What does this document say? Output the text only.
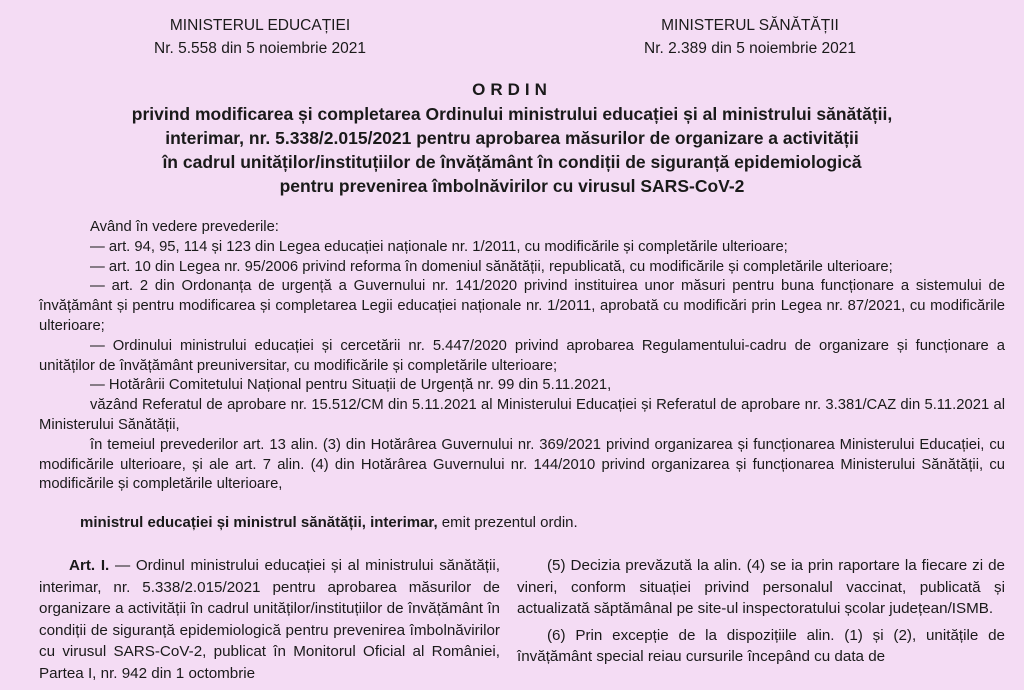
MINISTERUL EDUCAȚIEI
Nr. 5.558 din 5 noiembrie 2021
MINISTERUL SĂNĂTĂȚII
Nr. 2.389 din 5 noiembrie 2021
ORDIN
privind modificarea și completarea Ordinului ministrului educației și al ministrului sănătății,
interimar, nr. 5.338/2.015/2021 pentru aprobarea măsurilor de organizare a activității
în cadrul unităților/instituțiilor de învățământ în condiții de siguranță epidemiologică
pentru prevenirea îmbolnăvirilor cu virusul SARS-CoV-2

Având în vedere prevederile:

— art. 94, 95, 114 și 123 din Legea educației naționale nr. 1/2011, cu modificările și completările ulterioare;

— art. 10 din Legea nr. 95/2006 privind reforma în domeniul sănătății, republicată, cu modificările și completările ulterioare;

— art. 2 din Ordonanța de urgență a Guvernului nr. 141/2020 privind instituirea unor măsuri pentru buna funcționare a sistemului de învățământ și pentru modificarea și completarea Legii educației naționale nr. 1/2011, aprobată cu modificări prin Legea nr. 87/2021, cu modificările ulterioare;

— Ordinului ministrului educației și cercetării nr. 5.447/2020 privind aprobarea Regulamentului-cadru de organizare și funcționare a unităților de învățământ preuniversitar, cu modificările și completările ulterioare;

— Hotărârii Comitetului Național pentru Situații de Urgență nr. 99 din 5.11.2021,

văzând Referatul de aprobare nr. 15.512/CM din 5.11.2021 al Ministerului Educației și Referatul de aprobare nr. 3.381/CAZ din 5.11.2021 al Ministerului Sănătății,

în temeiul prevederilor art. 13 alin. (3) din Hotărârea Guvernului nr. 369/2021 privind organizarea și funcționarea Ministerului Educației, cu modificările ulterioare, și ale art. 7 alin. (4) din Hotărârea Guvernului nr. 144/2010 privind organizarea și funcționarea Ministerului Sănătății, cu modificările și completările ulterioare,

ministrul educației și ministrul sănătății, interimar, emit prezentul ordin.

Art. I. — Ordinul ministrului educației și al ministrului sănătății, interimar, nr. 5.338/2.015/2021 pentru aprobarea măsurilor de organizare a activității în cadrul unităților/instituțiilor de învățământ în condiții de siguranță epidemiologică pentru prevenirea îmbolnăvirilor cu virusul SARS-CoV-2, publicat în Monitorul Oficial al României, Partea I, nr. 942 din 1 octombrie

(5) Decizia prevăzută la alin. (4) se ia prin raportare la fiecare zi de vineri, conform situației privind personalul vaccinat, publicată și actualizată săptămânal pe site-ul inspectoratului școlar județean/ISMB.

(6) Prin excepție de la dispozițiile alin. (1) și (2), unitățile de învățământ special reiau cursurile începând cu data de
